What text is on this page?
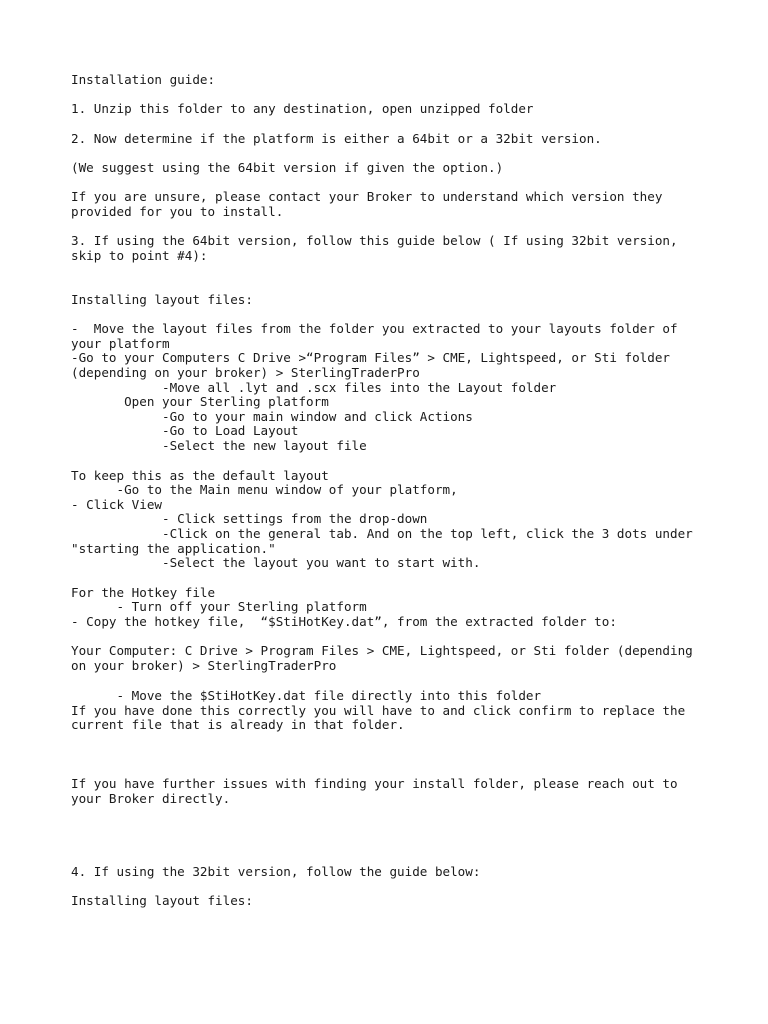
Installation guide:

1. Unzip this folder to any destination, open unzipped folder

2. Now determine if the platform is either a 64bit or a 32bit version.

(We suggest using the 64bit version if given the option.)

If you are unsure, please contact your Broker to understand which version they

provided for you to install.

3. If using the 64bit version, follow this guide below ( If using 32bit version,

skip to point #4):

Installing layout files:

-  Move the layout files from the folder you extracted to your layouts folder of

your platform

-Go to your Computers C Drive >“Program Files” > CME, Lightspeed, or Sti folder

(depending on your broker) > SterlingTraderPro

-Move all .lyt and .scx files into the Layout folder

Open your Sterling platform

-Go to your main window and click Actions

-Go to Load Layout

-Select the new layout file

To keep this as the default layout

-Go to the Main menu window of your platform,

- Click View

- Click settings from the drop-down

-Click on the general tab. And on the top left, click the 3 dots under

"starting the application."

-Select the layout you want to start with.

For the Hotkey file

- Turn off your Sterling platform

- Copy the hotkey file,  “$StiHotKey.dat”, from the extracted folder to:

Your Computer: C Drive > Program Files > CME, Lightspeed, or Sti folder (depending

on your broker) > SterlingTraderPro

- Move the $StiHotKey.dat file directly into this folder

If you have done this correctly you will have to and click confirm to replace the

current file that is already in that folder.

If you have further issues with finding your install folder, please reach out to

your Broker directly.

4. If using the 32bit version, follow the guide below:

Installing layout files:
